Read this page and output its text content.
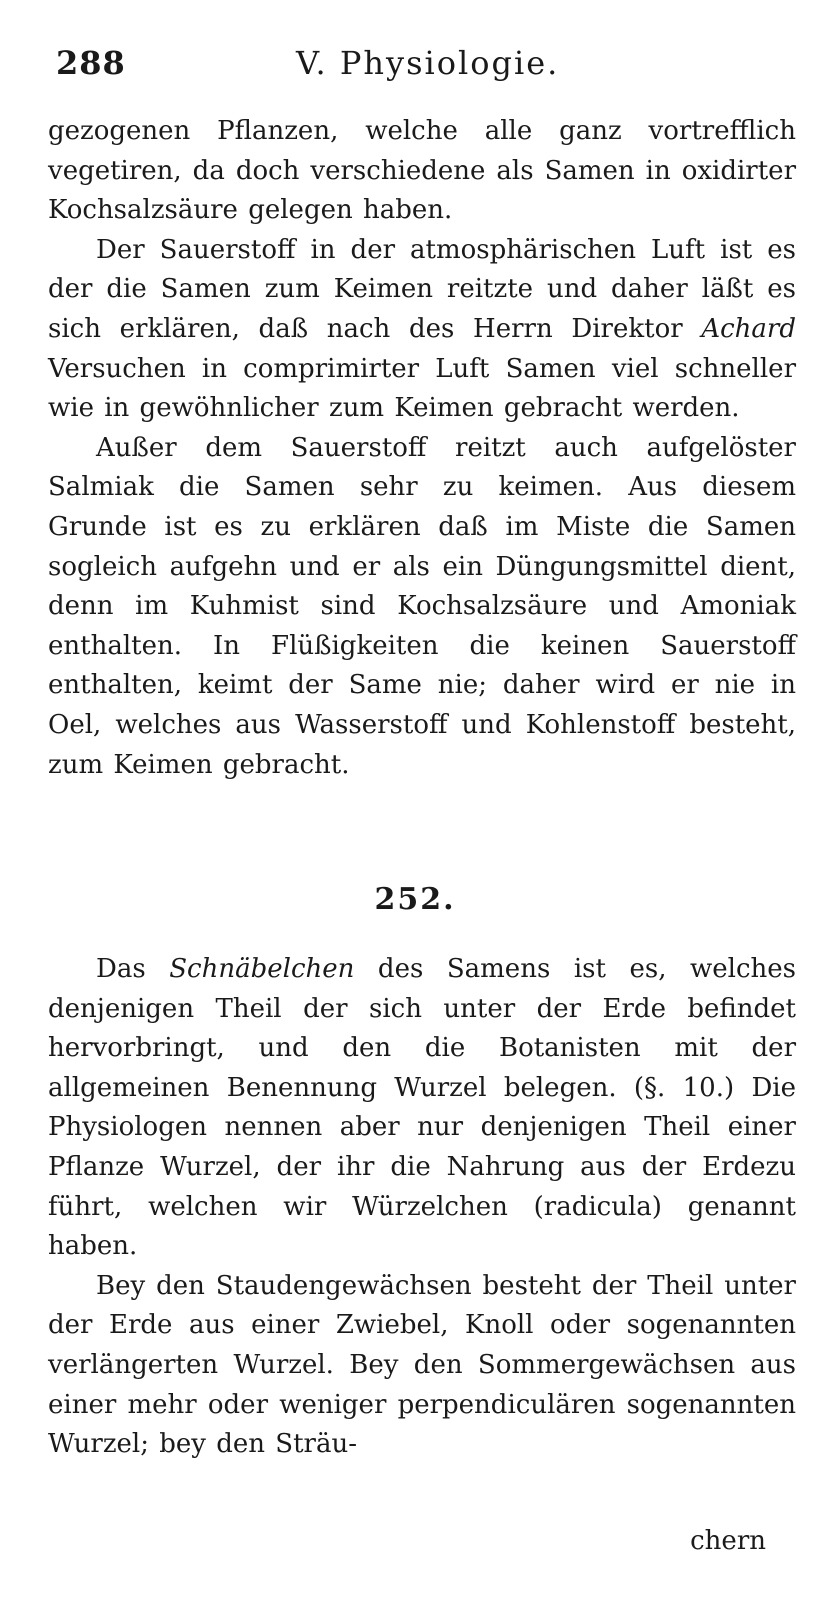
288	V. Physiologie.

gezogenen Pflanzen, welche alle ganz vortrefflich vegetiren, da doch verschiedene als Samen in oxidirter Kochsalzsäure gelegen haben.

Der Sauerstoff in der atmosphärischen Luft ist es der die Samen zum Keimen reitzte und daher läßt es sich erklären, daß nach des Herrn Direktor Achard Versuchen in comprimirter Luft Samen viel schneller wie in gewöhnlicher zum Keimen gebracht werden.

Außer dem Sauerstoff reitzt auch aufgelöster Salmiak die Samen sehr zu keimen. Aus diesem Grunde ist es zu erklären daß im Miste die Samen sogleich aufgehn und er als ein Düngungsmittel dient, denn im Kuhmist sind Kochsalzsäure und Amoniak enthalten. In Flüßigkeiten die keinen Sauerstoff enthalten, keimt der Same nie; daher wird er nie in Oel, welches aus Wasserstoff und Kohlenstoff besteht, zum Keimen gebracht.

252.

Das Schnäbelchen des Samens ist es, welches denjenigen Theil der sich unter der Erde befindet hervorbringt, und den die Botanisten mit der allgemeinen Benennung Wurzel belegen. (§. 10.) Die Physiologen nennen aber nur denjenigen Theil einer Pflanze Wurzel, der ihr die Nahrung aus der Erdezu führt, welchen wir Würzelchen (radicula) genannt haben.

Bey den Staudengewächsen besteht der Theil unter der Erde aus einer Zwiebel, Knoll oder sogenannten verlängerten Wurzel. Bey den Sommergewächsen aus einer mehr oder weniger perpendiculären sogenannten Wurzel; bey den Sträu-

chern
